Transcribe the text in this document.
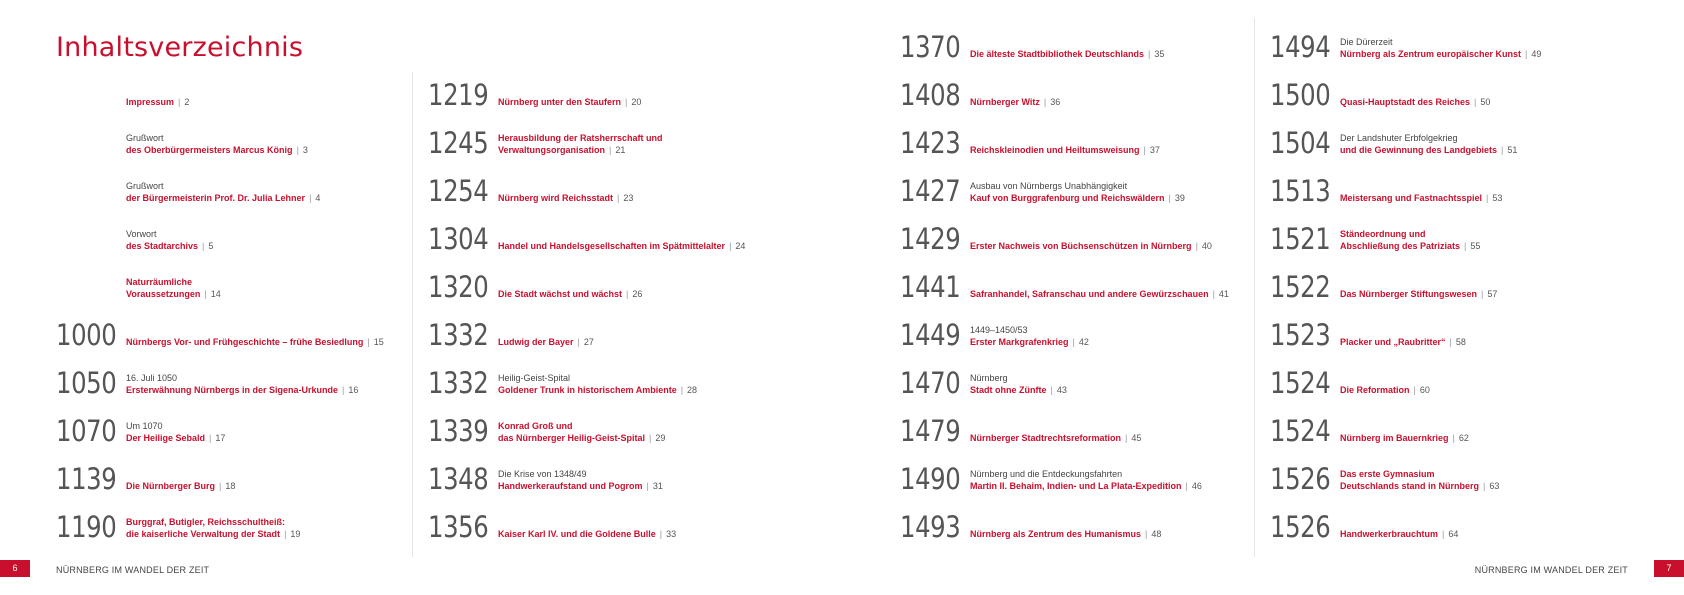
Inhaltsverzeichnis
Impressum | 2
Grußwort
des Oberbürgermeisters Marcus König | 3
Grußwort
der Bürgermeisterin Prof. Dr. Julia Lehner | 4
Vorwort
des Stadtarchivs | 5
Naturräumliche
Voraussetzungen | 14
1000 Nürnbergs Vor- und Frühgeschichte – frühe Besiedlung | 15
1050 16. Juli 1050
Ersterwähnung Nürnbergs in der Sigena-Urkunde | 16
1070 Um 1070
Der Heilige Sebald | 17
1139 Die Nürnberger Burg | 18
1190 Burggraf, Butigler, Reichsschultheiß:
die kaiserliche Verwaltung der Stadt | 19
1219 Nürnberg unter den Staufern | 20
1245 Herausbildung der Ratsherrschaft und
Verwaltungsorganisation | 21
1254 Nürnberg wird Reichsstadt | 23
1304 Handel und Handelsgesellschaften im Spätmittelalter | 24
1320 Die Stadt wächst und wächst | 26
1332 Ludwig der Bayer | 27
1332 Heilig-Geist-Spital
Goldener Trunk in historischem Ambiente | 28
1339 Konrad Groß und
das Nürnberger Heilig-Geist-Spital | 29
1348 Die Krise von 1348/49
Handwerkeraufstand und Pogrom | 31
1356 Kaiser Karl IV. und die Goldene Bulle | 33
1370 Die älteste Stadtbibliothek Deutschlands | 35
1408 Nürnberger Witz | 36
1423 Reichskleinodien und Heiltumsweisung | 37
1427 Ausbau von Nürnbergs Unabhängigkeit
Kauf von Burggrafenburg und Reichswäldern | 39
1429 Erster Nachweis von Büchsenschützen in Nürnberg | 40
1441 Safranhandel, Safranschau und andere Gewürzschauen | 41
1449 1449–1450/53
Erster Markgrafenkrieg | 42
1470 Nürnberg
Stadt ohne Zünfte | 43
1479 Nürnberger Stadtrechtsreformation | 45
1490 Nürnberg und die Entdeckungsfahrten
Martin II. Behaim, Indien- und La Plata-Expedition | 46
1493 Nürnberg als Zentrum des Humanismus | 48
1494 Die Dürerzeit
Nürnberg als Zentrum europäischer Kunst | 49
1500 Quasi-Hauptstadt des Reiches | 50
1504 Der Landshuter Erbfolgekrieg
und die Gewinnung des Landgebiets | 51
1513 Meistersang und Fastnachtsspiel | 53
1521 Ständeordnung und
Abschließung des Patriziats | 55
1522 Das Nürnberger Stiftungswesen | 57
1523 Placker und „Raubritter“ | 58
1524 Die Reformation | 60
1524 Nürnberg im Bauernkrieg | 62
1526 Das erste Gymnasium
Deutschlands stand in Nürnberg | 63
1526 Handwerkerbrauchtum | 64
6	NÜRNBERG IM WANDEL DER ZEIT	NÜRNBERG IM WANDEL DER ZEIT	7
